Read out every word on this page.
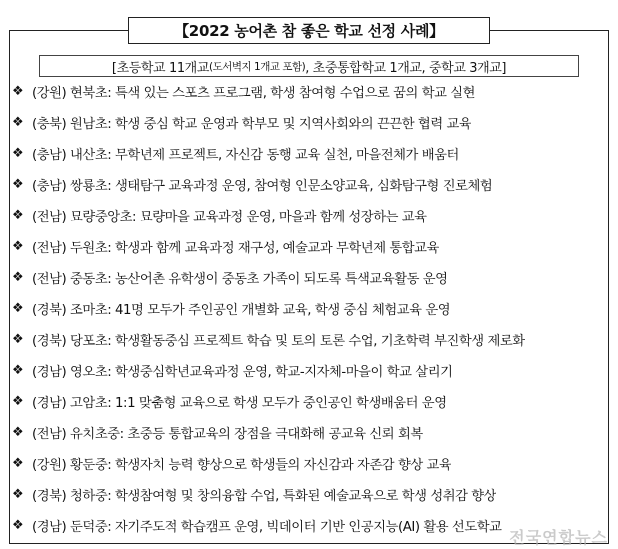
【2022 농어촌 참 좋은 학교 선정 사례】
[초등학교 11개교 (도서벽지 1개교 포함) , 초중통합학교 1개교, 중학교 3개교]
❖ (강원) 현북초: 특색 있는 스포츠 프로그램, 학생 참여형 수업으로 꿈의 학교 실현
❖ (충북) 원남초: 학생 중심 학교 운영과 학부모 및 지역사회와의 끈끈한 협력 교육
❖ (충남) 내산초: 무학년제 프로젝트, 자신감 동행 교육 실천, 마을전체가 배움터
❖ (충남) 쌍룡초: 생태탐구 교육과정 운영, 참여형 인문소양교육, 심화탐구형 진로체험
❖ (전남) 묘량중앙초: 묘량마을 교육과정 운영, 마을과 함께 성장하는 교육
❖ (전남) 두원초: 학생과 함께 교육과정 재구성, 예술교과 무학년제 통합교육
❖ (전남) 중동초: 농산어촌 유학생이 중동초 가족이 되도록 특색교육활동 운영
❖ (경북) 조마초: 41명 모두가 주인공인 개별화 교육, 학생 중심 체험교육 운영
❖ (경북) 당포초: 학생활동중심 프로젝트 학습 및 토의 토론 수업, 기초학력 부진학생 제로화
❖ (경남) 영오초: 학생중심학년교육과정 운영, 학교-지자체-마을이 학교 살리기
❖ (경남) 고암초: 1:1 맞춤형 교육으로 학생 모두가 중인공인 학생배움터 운영
❖ (전남) 유치초중: 초중등 통합교육의 장점을 극대화해 공교육 신뢰 회복
❖ (강원) 황둔중: 학생자치 능력 향상으로 학생들의 자신감과 자존감 향상 교육
❖ (경북) 청하중: 학생참여형 및 창의융합 수업, 특화된 예술교육으로 학생 성취감 향상
❖ (경남) 둔덕중: 자기주도적 학습캠프 운영, 빅데이터 기반 인공지능(AI) 활용 선도학교
전국연합뉴스
